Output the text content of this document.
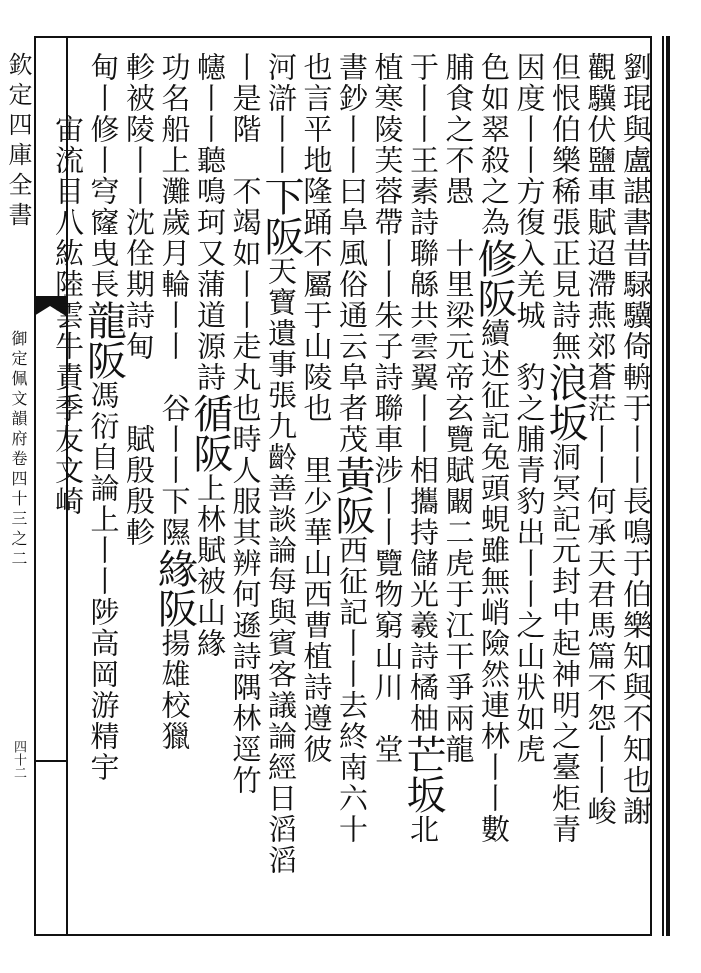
欽定四庫全書
御定佩文韻府卷四十三之二
四十二	劉琨與盧諶書昔騄驥倚輈于丨丨長鳴于伯樂知與不知也謝
觀驥伏鹽車賦迢滯燕郊蒼茫丨丨何承天君馬篇不怨丨丨峻
但恨伯樂稀張正見詩無浪坂洞冥記元封中起神明之臺炬青
因度丨丨方復入羌城　豹之脯青豹出丨丨之山狀如虎
色如翠殺之為修阪續述征記兔頭蜆雖無峭險然連林丨丨數
脯食之不愚　十里梁元帝玄覽賦闞二虎于江干爭兩龍
于丨丨王素詩聯緜共雲翼丨丨相攜持儲光羲詩橘柚芒坂北
植寒陵芙蓉帶丨丨朱子詩聯車涉丨丨覽物窮山川　堂
書鈔丨丨曰阜風俗通云阜者茂黃阪西征記丨丨去終南六十
也言平地隆踊不屬于山陵也　里少華山西曹植詩遵彼
河滸丨丨下阪天寶遺事張九齡善談論每與賓客議論經日滔滔
丨是階　不竭如丨丨走丸也時人服其辨何遜詩隅林逕竹
幰丨丨聽鳴珂又蒲道源詩循阪上林賦被山緣
功名船上灘歲月輪丨丨　谷丨丨下隰緣阪揚雄校獵
軫被陵丨丨沈佺期詩甸　　賦殷殷軫
甸丨修丨穹窿曳長龍阪馮衍自論上丨丨陟高岡游精宇
　　宙流目八紘陸雲牛責季友文崎
